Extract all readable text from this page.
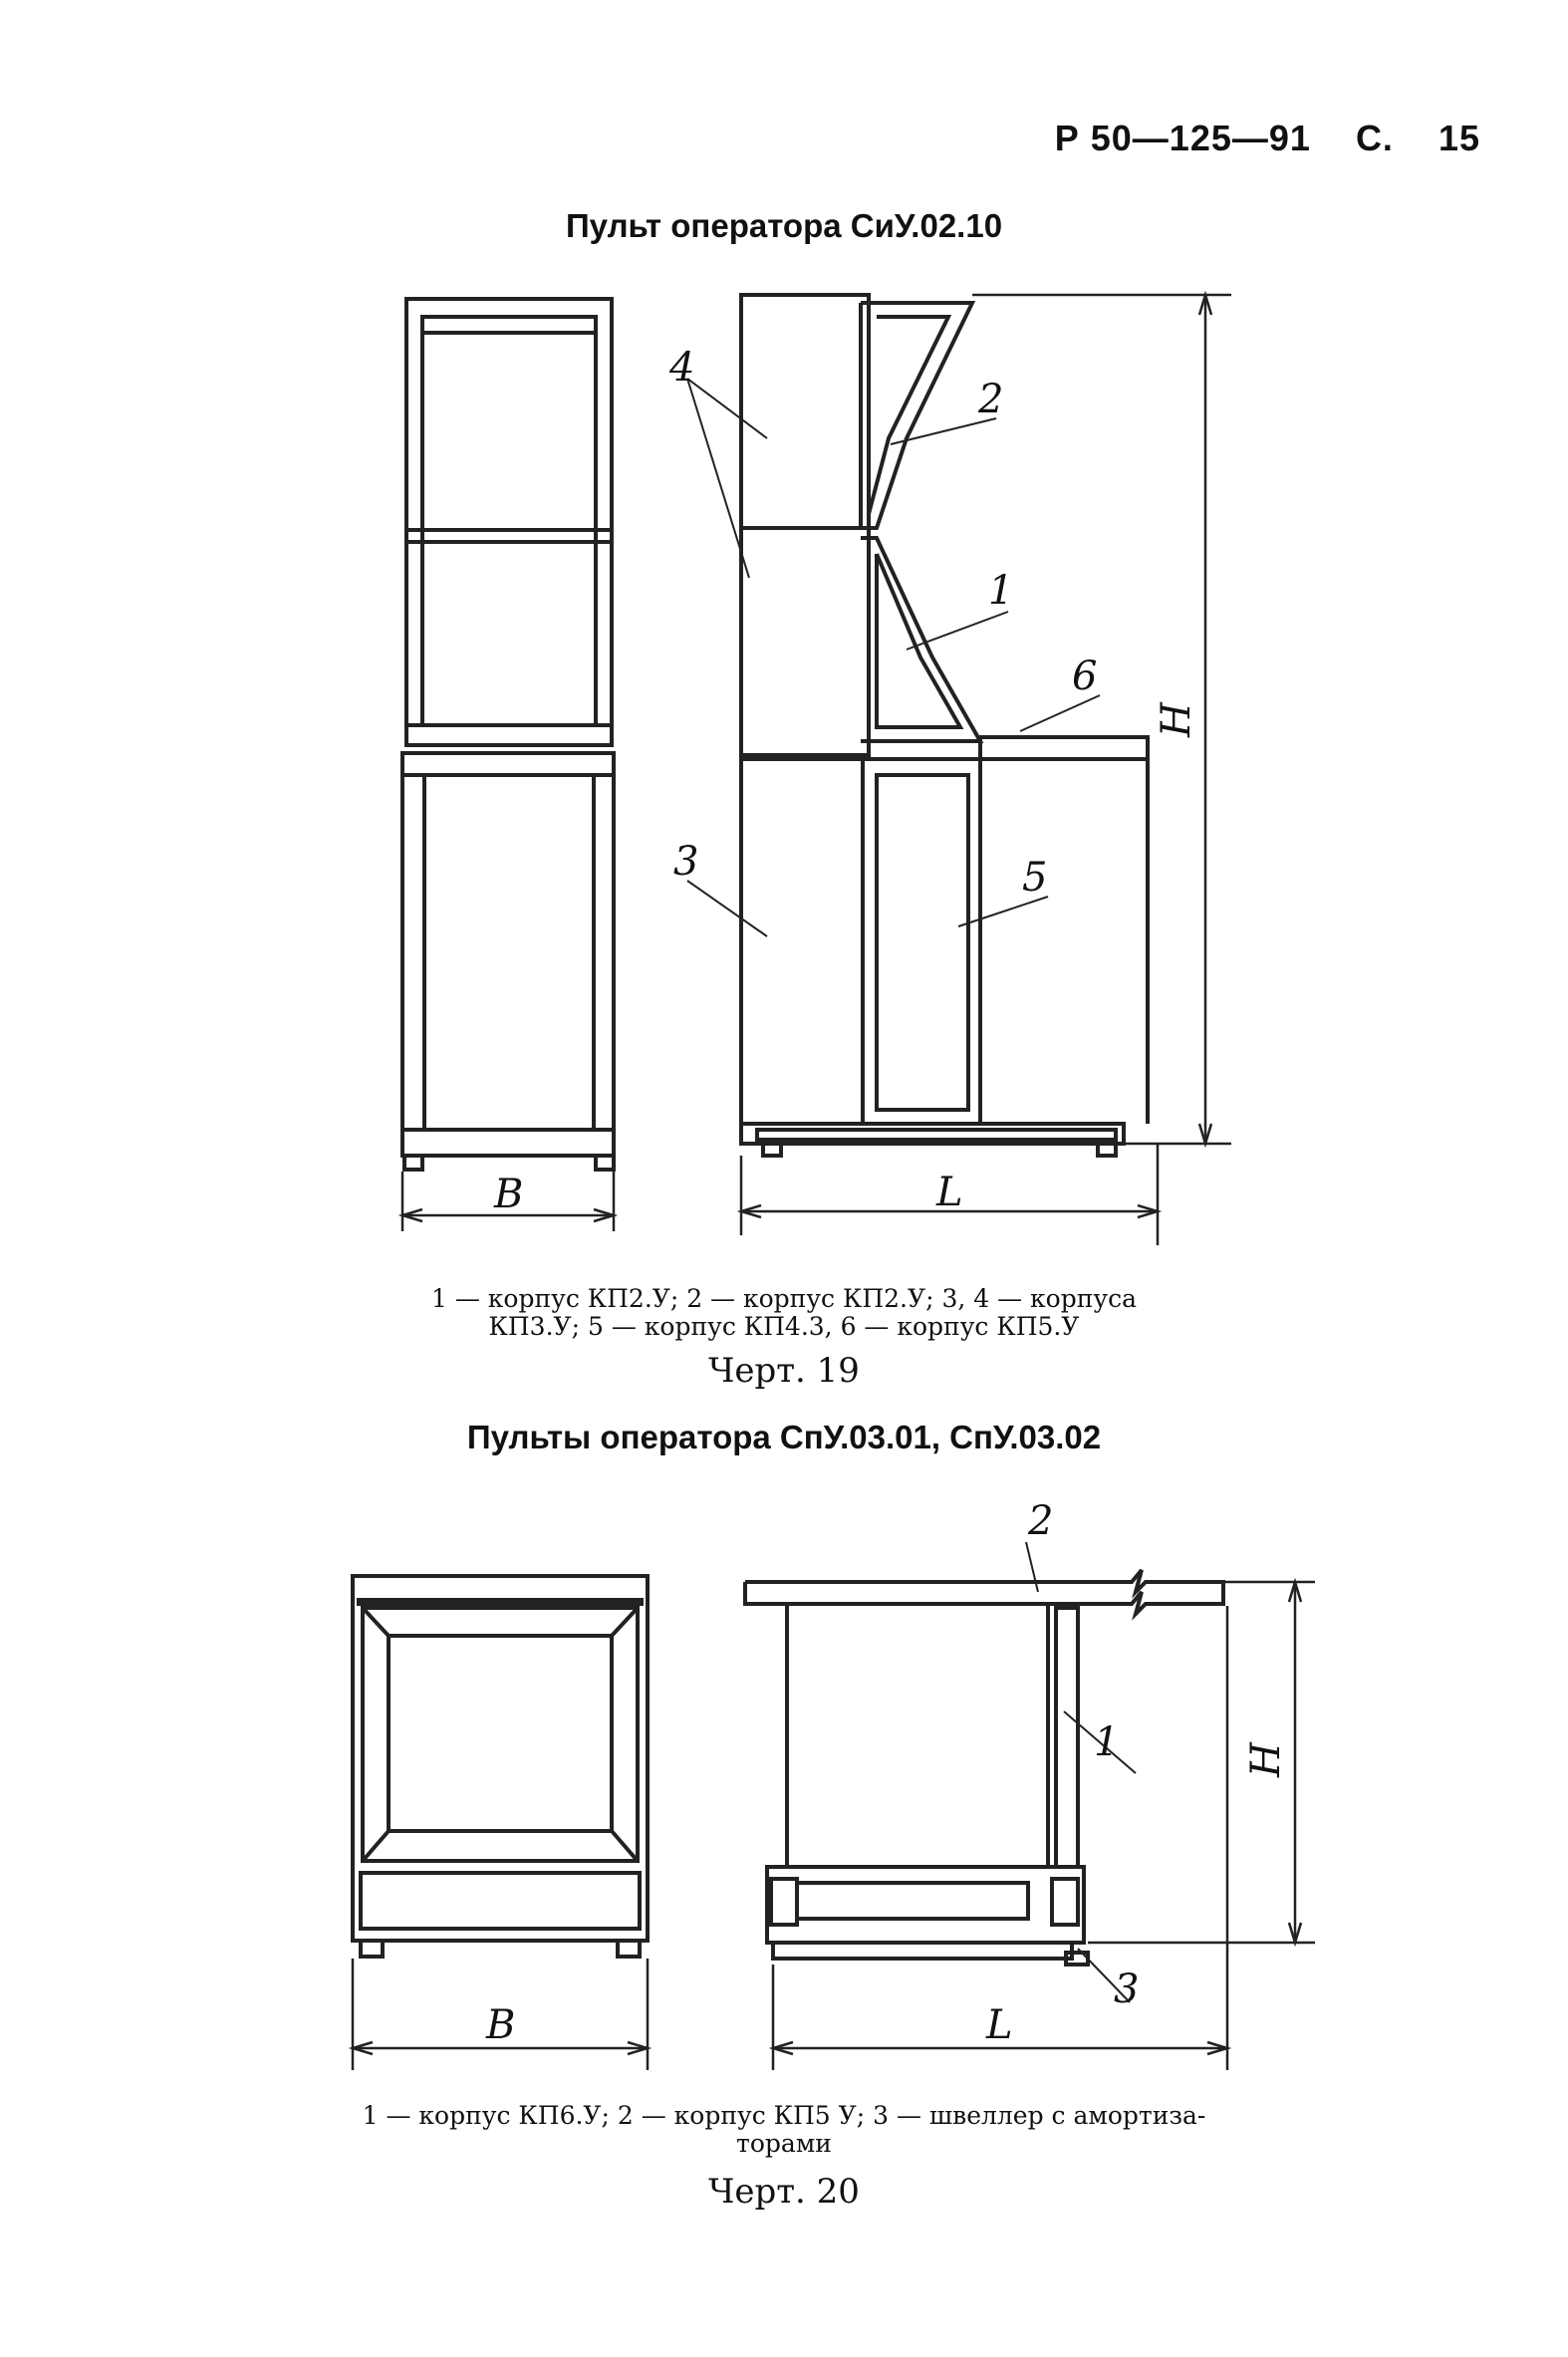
Р 50—125—91 С. 15
Пульт оператора СиУ.02.10
4
2
1
6
3	5
B	L
H
1 — корпус КП2.У; 2 — корпус КП2.У; 3, 4 — корпуса
КП3.У; 5 — корпус КП4.3, 6 — корпус КП5.У
Черт. 19
Пульты оператора СпУ.03.01, СпУ.03.02
2
1
3
B	L
H
1 — корпус КП6.У; 2 — корпус КП5 У; 3 — швеллер с амортиза-
торами
Черт. 20
